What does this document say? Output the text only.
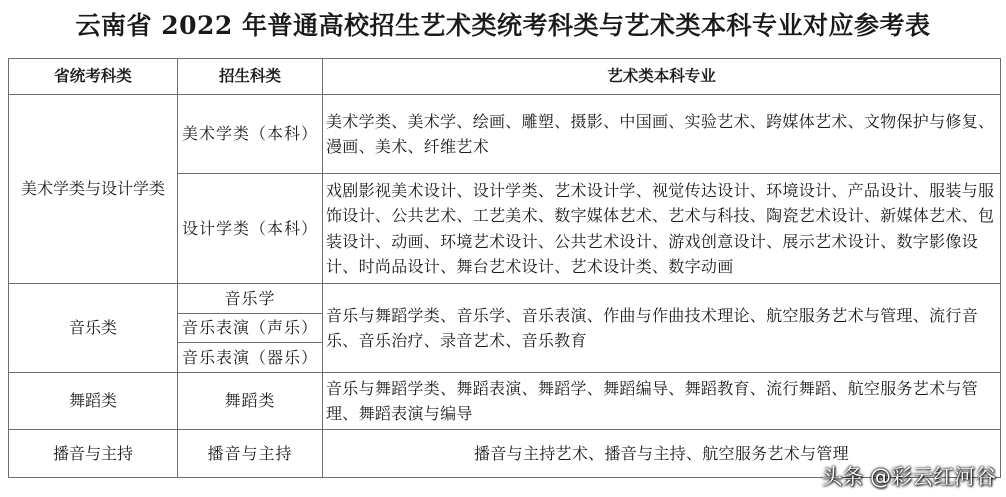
云南省 2022 年普通高校招生艺术类统考科类与艺术类本科专业对应参考表
省统考科类	招生科类	艺术类本科专业
美术学类与设计学类	美术学类（本科）	美术学类、美术学、绘画、雕塑、摄影、中国画、实验艺术、跨媒体艺术、文物保护与修复、漫画、美术、纤维艺术
	设计学类（本科）	戏剧影视美术设计、设计学类、艺术设计学、视觉传达设计、环境设计、产品设计、服装与服饰设计、公共艺术、工艺美术、数字媒体艺术、艺术与科技、陶瓷艺术设计、新媒体艺术、包装设计、动画、环境艺术设计、公共艺术设计、游戏创意设计、展示艺术设计、数字影像设计、时尚品设计、舞台艺术设计、艺术设计类、数字动画
音乐类	音乐学	音乐与舞蹈学类、音乐学、音乐表演、作曲与作曲技术理论、航空服务艺术与管理、流行音乐、音乐治疗、录音艺术、音乐教育
	音乐表演（声乐）	
	音乐表演（器乐）	
舞蹈类	舞蹈类	音乐与舞蹈学类、舞蹈表演、舞蹈学、舞蹈编导、舞蹈教育、流行舞蹈、航空服务艺术与管理、舞蹈表演与编导
播音与主持	播音与主持	播音与主持艺术、播音与主持、航空服务艺术与管理
头条 @彩云红河谷
